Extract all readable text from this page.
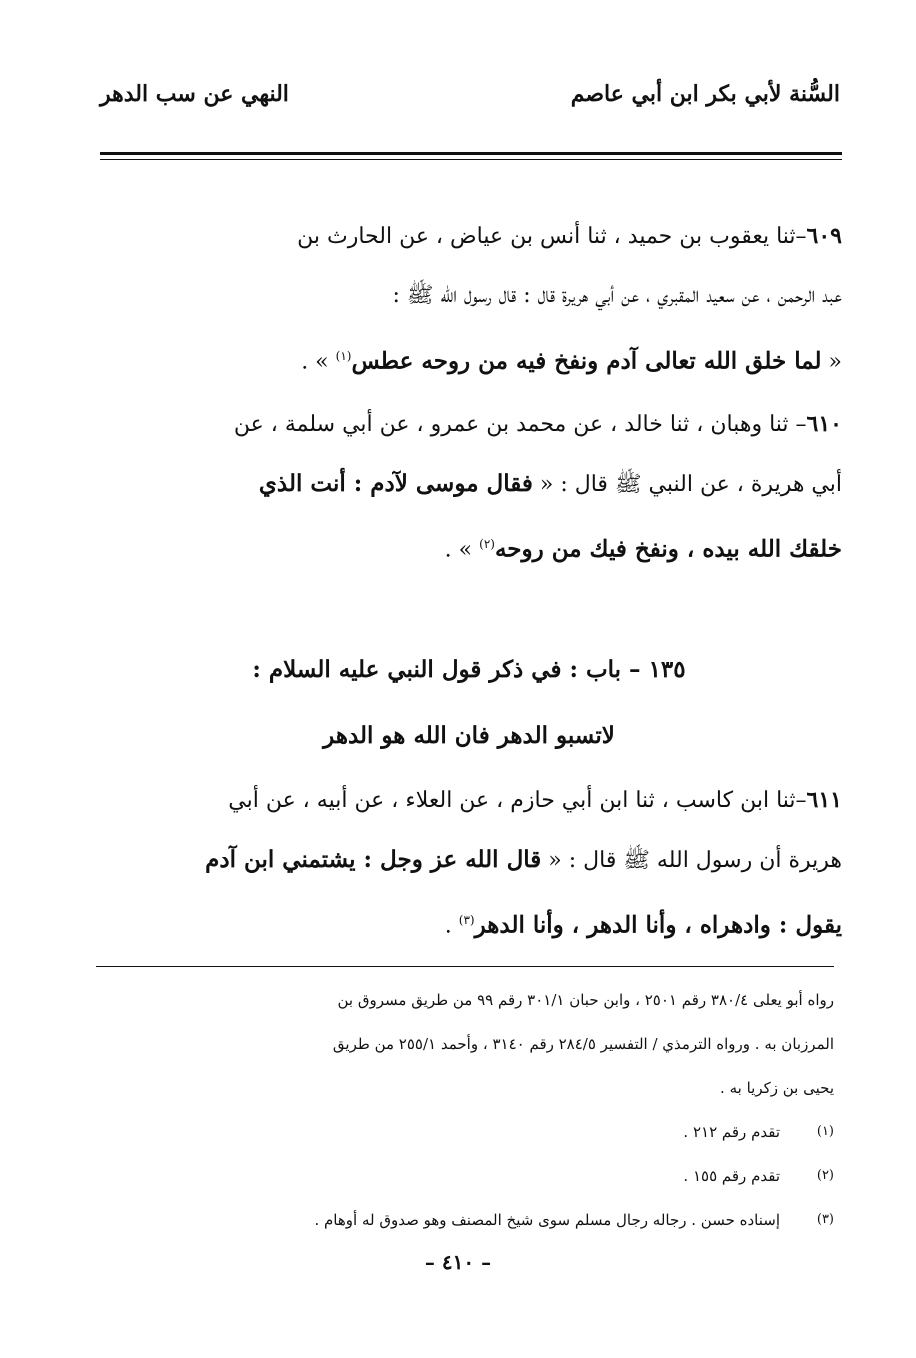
السُّنة لأبي بكر ابن أبي عاصم
النهي عن سب الدهر
٦٠٩–ثنا يعقوب بن حميد ، ثنا أنس بن عياض ، عن الحارث بن
عبد الرحمن ، عن سعيد المقبري ، عن أبي هريرة قال : قال رسول الله ﷺ :
« لما خلق الله تعالى آدم ونفخ فيه من روحه عطس$^{(١)}$ » .
٦١٠– ثنا وهبان ، ثنا خالد ، عن محمد بن عمرو ، عن أبي سلمة ، عن
أبي هريرة ، عن النبي ﷺ قال : « فقال موسى لآدم : أنت الذي
خلقك الله بيده ، ونفخ فيك من روحه$^{(٢)}$ » .
١٣٥ – باب : في ذكر قول النبي عليه السلام :
لاتسبو الدهر فان الله هو الدهر
٦١١–ثنا ابن كاسب ، ثنا ابن أبي حازم ، عن العلاء ، عن أبيه ، عن أبي
هريرة أن رسول الله ﷺ قال : « قال الله عز وجل : يشتمني ابن آدم
يقول : وادهراه ، وأنا الدهر ، وأنا الدهر$^{(٣)}$ .
رواه أبو يعلى ٣٨٠/٤ رقم ٢٥٠١ ، وابن حبان ٣٠١/١ رقم ٩٩ من طريق مسروق بن
المرزبان به . ورواه الترمذي / التفسير ٢٨٤/٥ رقم ٣١٤٠ ، وأحمد ٢٥٥/١ من طريق
يحيى بن زكريا به .
(١)تقدم رقم ٢١٢ .
(٢)تقدم رقم ١٥٥ .
(٣)إسناده حسن . رجاله رجال مسلم سوى شيخ المصنف وهو صدوق له أوهام .
– ٤١٠ –
